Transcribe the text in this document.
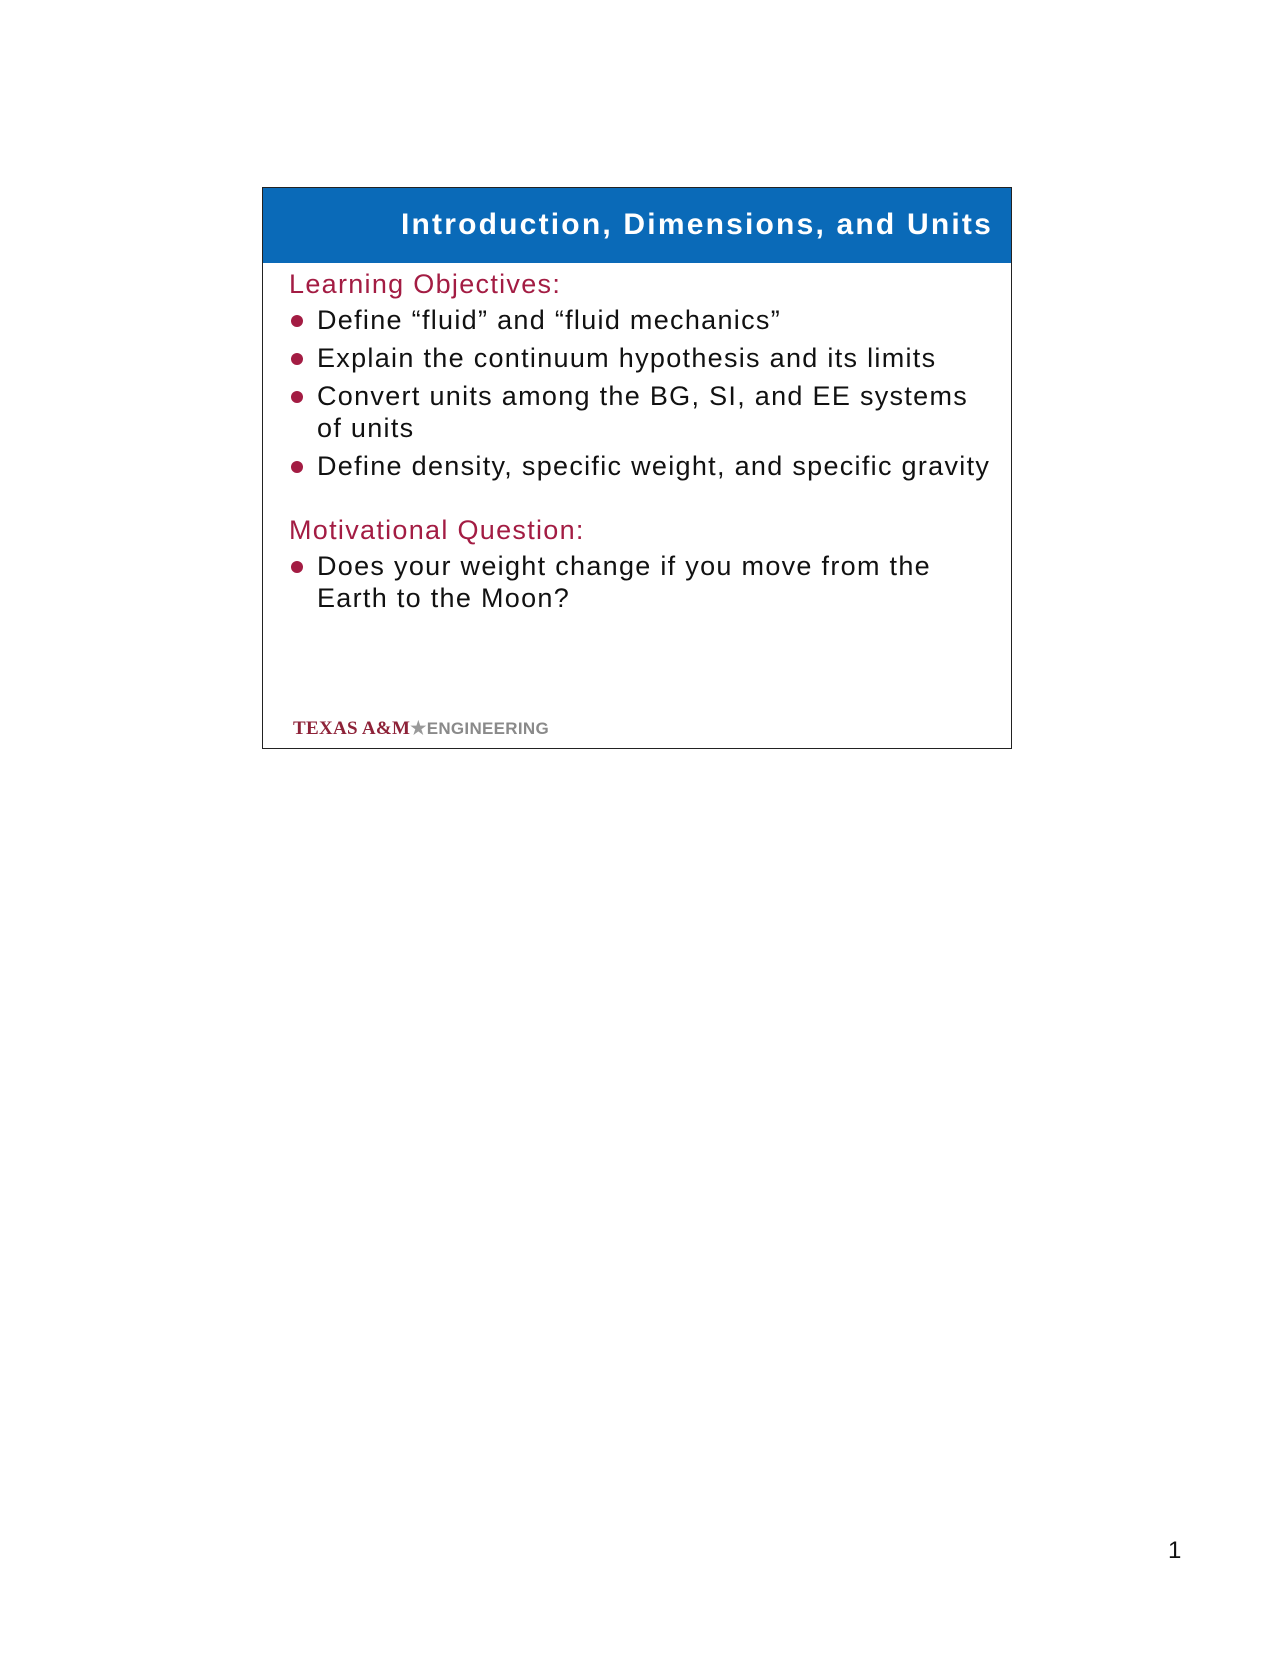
Introduction, Dimensions, and Units
Learning Objectives:
Define “fluid” and “fluid mechanics”
Explain the continuum hypothesis and its limits
Convert units among the BG, SI, and EE systems of units
Define density, specific weight, and specific gravity
Motivational Question:
Does your weight change if you move from the Earth to the Moon?
TEXAS A&M★ENGINEERING
1
